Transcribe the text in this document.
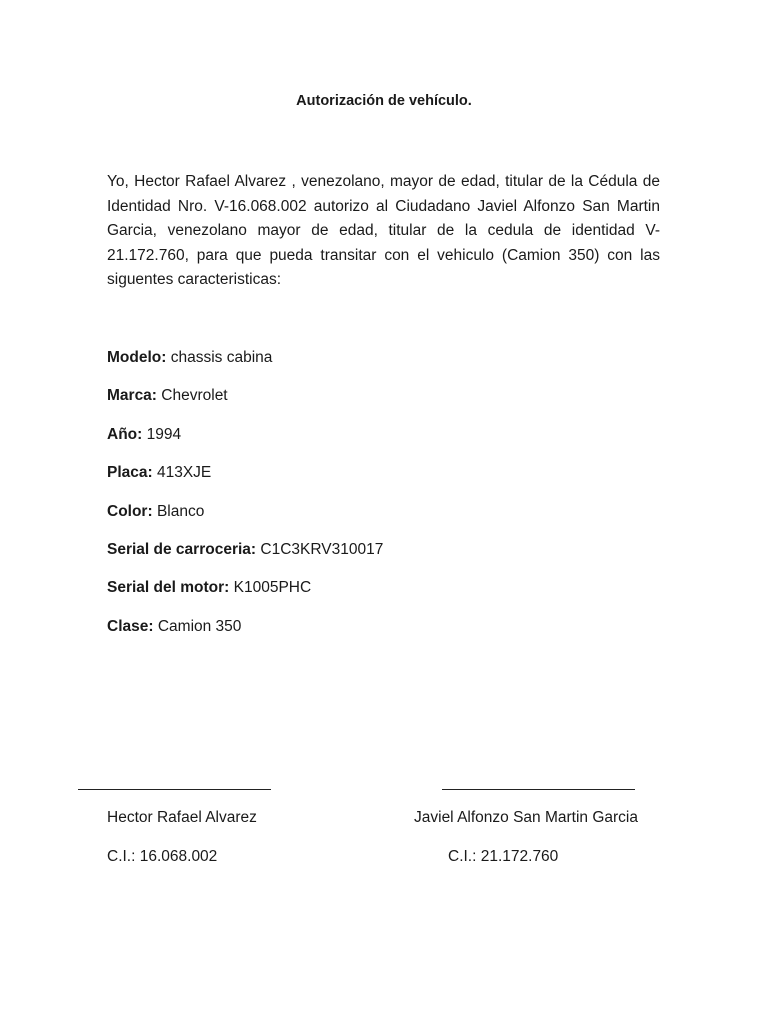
Autorización de vehículo.

Yo, Hector Rafael Alvarez , venezolano, mayor de edad, titular de la Cédula de Identidad Nro. V-16.068.002 autorizo al Ciudadano Javiel Alfonzo San Martin Garcia, venezolano mayor de edad, titular de la cedula de identidad V-21.172.760, para que pueda transitar con el vehiculo (Camion 350) con las siguentes caracteristicas:

Modelo: chassis cabina
Marca: Chevrolet
Año: 1994
Placa: 413XJE
Color: Blanco
Serial de carroceria: C1C3KRV310017
Serial del motor: K1005PHC
Clase: Camion 350
Hector Rafael Alvarez
C.I.: 16.068.002
Javiel Alfonzo San Martin Garcia
C.I.: 21.172.760
